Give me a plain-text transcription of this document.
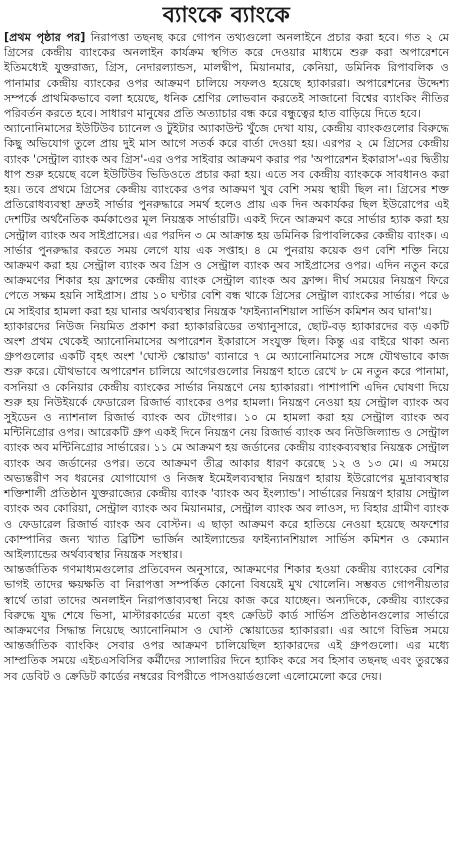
ব্যাংকে ব্যাংকে

[প্রথম পৃষ্ঠার পর] নিরাপত্তা তছনছ করে গোপন তথ্যগুলো অনলাইনে প্রচার করা হবে। গত ২ মে গ্রিসের কেন্দ্রীয় ব্যাংকের অনলাইন কার্যক্রম স্থগিত করে দেওয়ার মাধ্যমে শুরু করা অপারেশনে ইতিমধ্যেই যুক্তরাজ্য, গ্রিস, নেদারল্যান্ডস, মালদ্বীপ, মিয়ানমার, কেনিয়া, ডমিনিক রিপাবলিক ও পানামার কেন্দ্রীয় ব্যাংকের ওপর আক্রমণ চালিয়ে সফলও হয়েছে হ্যাকাররা। অপারেশনের উদ্দেশ্য সম্পর্কে প্রাথমিকভাবে বলা হয়েছে, ধনিক শ্রেণির লোভবান করতেই সাজানো বিশ্বের ব্যাংকিং নীতির পরিবর্তন করতে হবে। সাধারণ মানুষের প্রতি অত্যাচার বন্ধ করে বন্ধুত্বের হাত বাড়িয়ে দিতে হবে।

অ্যানোনিমাসের ইউটিউব চ্যানেল ও টুইটার অ্যাকাউন্ট খুঁজে দেখা যায়, কেন্দ্রীয় ব্যাংকগুলোর বিরুদ্ধে কিছু অভিযোগ তুলে প্রায় দুই মাস আগে সতর্ক করে বার্তা দেওয়া হয়। এরপর ২ মে গ্রিসের কেন্দ্রীয় ব্যাংক 'সেন্ট্রাল ব্যাংক অব গ্রিস'-এর ওপর সাইবার আক্রমণ করার পর 'অপারেশন ইকারাস'-এর দ্বিতীয় ধাপ শুরু হয়েছে বলে ইউটিউব ভিডিওতে প্রচার করা হয়। এতে সব কেন্দ্রীয় ব্যাংককে সাবধানও করা হয়। তবে প্রথমে গ্রিসের কেন্দ্রীয় ব্যাংকের ওপর আক্রমণ খুব বেশি সময় স্থায়ী ছিল না। গ্রিসের শক্ত প্রতিরোধব্যবস্থা দ্রুতই সার্ভার পুনরুদ্ধারে সমর্থ হলেও প্রায় এক দিন অকার্যকর ছিল ইউরোপের এই দেশটির অর্থনৈতিক কর্মকাণ্ডের মূল নিয়ন্ত্রক সার্ভারটি। একই দিনে আক্রমণ করে সার্ভার হ্যাক করা হয় সেন্ট্রাল ব্যাংক অব সাইপ্রাসের। এর পরদিন ৩ মে আক্রান্ত হয় ডমিনিক রিপাবলিকের কেন্দ্রীয় ব্যাংক। এ সার্ভার পুনরুদ্ধার করতে সময় লেগে যায় এক সপ্তাহ। ৪ মে পুনরায় কয়েক গুণ বেশি শক্তি নিয়ে আক্রমণ করা হয় সেন্ট্রাল ব্যাংক অব গ্রিস ও সেন্ট্রাল ব্যাংক অব সাইপ্রাসের ওপর। এদিন নতুন করে আক্রমণের শিকার হয় ফ্রান্সের কেন্দ্রীয় ব্যাংক সেন্ট্রাল ব্যাংক অব ফ্রান্স। দীর্ঘ সময়ের নিয়ন্ত্রণ ফিরে পেতে সক্ষম হয়নি সাইপ্রাস। প্রায় ১০ ঘণ্টার বেশি বন্ধ থাকে গ্রিসের সেন্ট্রাল ব্যাংকের সার্ভার। পরে ৬ মে সাইবার হামলা করা হয় ঘানার অর্থব্যবস্থার নিয়ন্ত্রক 'ফাইন্যানশিয়াল সার্ভিস কমিশন অব ঘানা'য়।

হ্যাকারদের নিউজ নিয়মিত প্রকাশ করা হ্যাকাররিডের তথ্যানুসারে, ছোট-বড় হ্যাকারদের বড় একটি অংশ প্রথম থেকেই অ্যানোনিমাসের অপারেশন ইকারাসে সংযুক্ত ছিল। কিন্তু এর বাইরে থাকা অন্য গ্রুপগুলোর একটি বৃহৎ অংশ 'ঘোস্ট স্কোয়াড' ব্যানারে ৭ মে অ্যানোনিমাসের সঙ্গে যৌথভাবে কাজ শুরু করে। যৌথভাবে অপারেশন চালিয়ে আগেরগুলোর নিয়ন্ত্রণ হাতে রেখে ৮ মে নতুন করে পানামা, বসনিয়া ও কেনিয়ার কেন্দ্রীয় ব্যাংকের সার্ভার নিয়ন্ত্রণে নেয় হ্যাকাররা। পাশাপাশি এদিন ঘোষণা দিয়ে শুরু হয় নিউইয়র্কে ফেডারেল রিজার্ভ ব্যাংকের ওপর হামলা। নিয়ন্ত্রণ নেওয়া হয় সেন্ট্রাল ব্যাংক অব সুইডেন ও ন্যাশনাল রিজার্ভ ব্যাংক অব টোংগার। ১০ মে হামলা করা হয় সেন্ট্রাল ব্যাংক অব মন্টিনিগ্রোর ওপর। আরেকটি গ্রুপ একই দিনে নিয়ন্ত্রণ নেয় রিজার্ভ ব্যাংক অব নিউজিল্যান্ড ও সেন্ট্রাল ব্যাংক অব মন্টিনিগ্রোর সার্ভারের। ১১ মে আক্রমণ হয় জর্ডানের কেন্দ্রীয় ব্যাংকব্যবস্থার নিয়ন্ত্রক সেন্ট্রাল ব্যাংক অব জর্ডানের ওপর। তবে আক্রমণ তীব্র আকার ধারণ করেছে ১২ ও ১৩ মে। এ সময়ে অভ্যন্তরীণ সব ধরনের যোগাযোগ ও নিজস্ব ইমেইলব্যবস্থার নিয়ন্ত্রণ হারায় ইউরোপের মুদ্রাব্যবস্থার শক্তিশালী প্রতিষ্ঠান যুক্তরাজ্যের কেন্দ্রীয় ব্যাংক 'ব্যাংক অব ইংল্যান্ড'। সার্ভারের নিয়ন্ত্রণ হারায় সেন্ট্রাল ব্যাংক অব কোরিয়া, সেন্ট্রাল ব্যাংক অব মিয়ানমার, সেন্ট্রাল ব্যাংক অব লাওস, দ্য বিহার গ্রামীণ ব্যাংক ও ফেডারেল রিজার্ভ ব্যাংক অব বোস্টন। এ ছাড়া আক্রমণ করে হাতিয়ে নেওয়া হয়েছে অফশোর কোম্পানির জন্য খ্যাত ব্রিটিশ ভার্জিন আইল্যান্ডের ফাইন্যানশিয়াল সার্ভিস কমিশন ও কেম্যান আইল্যান্ডের অর্থব্যবস্থার নিয়ন্ত্রক সংস্থার।

আন্তর্জাতিক গণমাধ্যমগুলোর প্রতিবেদন অনুসারে, আক্রমণের শিকার হওয়া কেন্দ্রীয় ব্যাংকের বেশির ভাগই তাদের ক্ষয়ক্ষতি বা নিরাপত্তা সম্পর্কিত কোনো বিষয়েই মুখ খোলেনি। সম্ভবত গোপনীয়তার স্বার্থে তারা তাদের অনলাইন নিরাপত্তাব্যবস্থা নিয়ে কাজ করে যাচ্ছেন। অন্যদিকে, কেন্দ্রীয় ব্যাংকের বিরুদ্ধে যুদ্ধ শেষে ভিসা, মাস্টারকার্ডের মতো বৃহৎ ক্রেডিট কার্ড সার্ভিস প্রতিষ্ঠানগুলোর সার্ভারে আক্রমণের সিদ্ধান্ত নিয়েছে অ্যানোনিমাস ও ঘোস্ট স্কোয়াডের হ্যাকাররা। এর আগে বিভিন্ন সময়ে আন্তর্জাতিক ব্যাংকিং সেবার ওপর আক্রমণ চালিয়েছিল হ্যাকারদের এই গ্রুপগুলো। এর মধ্যে সাম্প্রতিক সময়ে এইচএসবিসির কর্মীদের স্যালারির দিনে হ্যাকিং করে সব হিসাব তছনছ এবং তুরস্কের সব ডেবিট ও ক্রেডিট কার্ডের নম্বরের বিপরীতে পাসওয়ার্ডগুলো এলোমেলো করে দেয়।
